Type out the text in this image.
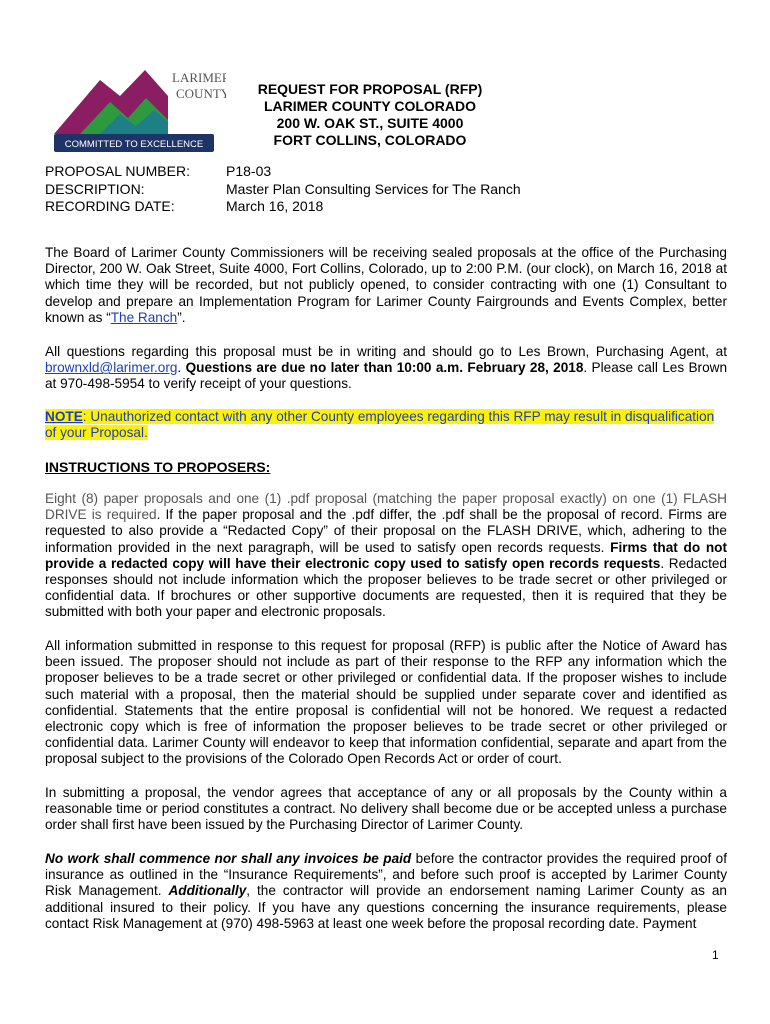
COMMITTED TO EXCELLENCE
LARIMER
COUNTY	REQUEST FOR PROPOSAL (RFP)
LARIMER COUNTY COLORADO
200 W. OAK ST., SUITE 4000
FORT COLLINS, COLORADO
PROPOSAL NUMBER:	P18-03
DESCRIPTION:	Master Plan Consulting Services for The Ranch
RECORDING DATE:	March 16, 2018
The Board of Larimer County Commissioners will be receiving sealed proposals at the office of the Purchasing Director, 200 W. Oak Street, Suite 4000, Fort Collins, Colorado, up to 2:00 P.M. (our clock), on March 16, 2018 at which time they will be recorded, but not publicly opened, to consider contracting with one (1) Consultant to develop and prepare an Implementation Program for Larimer County Fairgrounds and Events Complex, better known as “The Ranch”.
All questions regarding this proposal must be in writing and should go to Les Brown, Purchasing Agent, at brownxld@larimer.org. Questions are due no later than 10:00 a.m. February 28, 2018. Please call Les Brown at 970-498-5954 to verify receipt of your questions.
NOTE: Unauthorized contact with any other County employees regarding this RFP may result in disqualification of your Proposal.
INSTRUCTIONS TO PROPOSERS:
Eight (8) paper proposals and one (1) .pdf proposal (matching the paper proposal exactly) on one (1) FLASH DRIVE is required. If the paper proposal and the .pdf differ, the .pdf shall be the proposal of record. Firms are requested to also provide a “Redacted Copy” of their proposal on the FLASH DRIVE, which, adhering to the information provided in the next paragraph, will be used to satisfy open records requests. Firms that do not provide a redacted copy will have their electronic copy used to satisfy open records requests. Redacted responses should not include information which the proposer believes to be trade secret or other privileged or confidential data. If brochures or other supportive documents are requested, then it is required that they be submitted with both your paper and electronic proposals.
All information submitted in response to this request for proposal (RFP) is public after the Notice of Award has been issued. The proposer should not include as part of their response to the RFP any information which the proposer believes to be a trade secret or other privileged or confidential data. If the proposer wishes to include such material with a proposal, then the material should be supplied under separate cover and identified as confidential. Statements that the entire proposal is confidential will not be honored. We request a redacted electronic copy which is free of information the proposer believes to be trade secret or other privileged or confidential data. Larimer County will endeavor to keep that information confidential, separate and apart from the proposal subject to the provisions of the Colorado Open Records Act or order of court.
In submitting a proposal, the vendor agrees that acceptance of any or all proposals by the County within a reasonable time or period constitutes a contract. No delivery shall become due or be accepted unless a purchase order shall first have been issued by the Purchasing Director of Larimer County.
No work shall commence nor shall any invoices be paid before the contractor provides the required proof of insurance as outlined in the “Insurance Requirements”, and before such proof is accepted by Larimer County Risk Management. Additionally, the contractor will provide an endorsement naming Larimer County as an additional insured to their policy. If you have any questions concerning the insurance requirements, please contact Risk Management at (970) 498-5963 at least one week before the proposal recording date. Payment
1
